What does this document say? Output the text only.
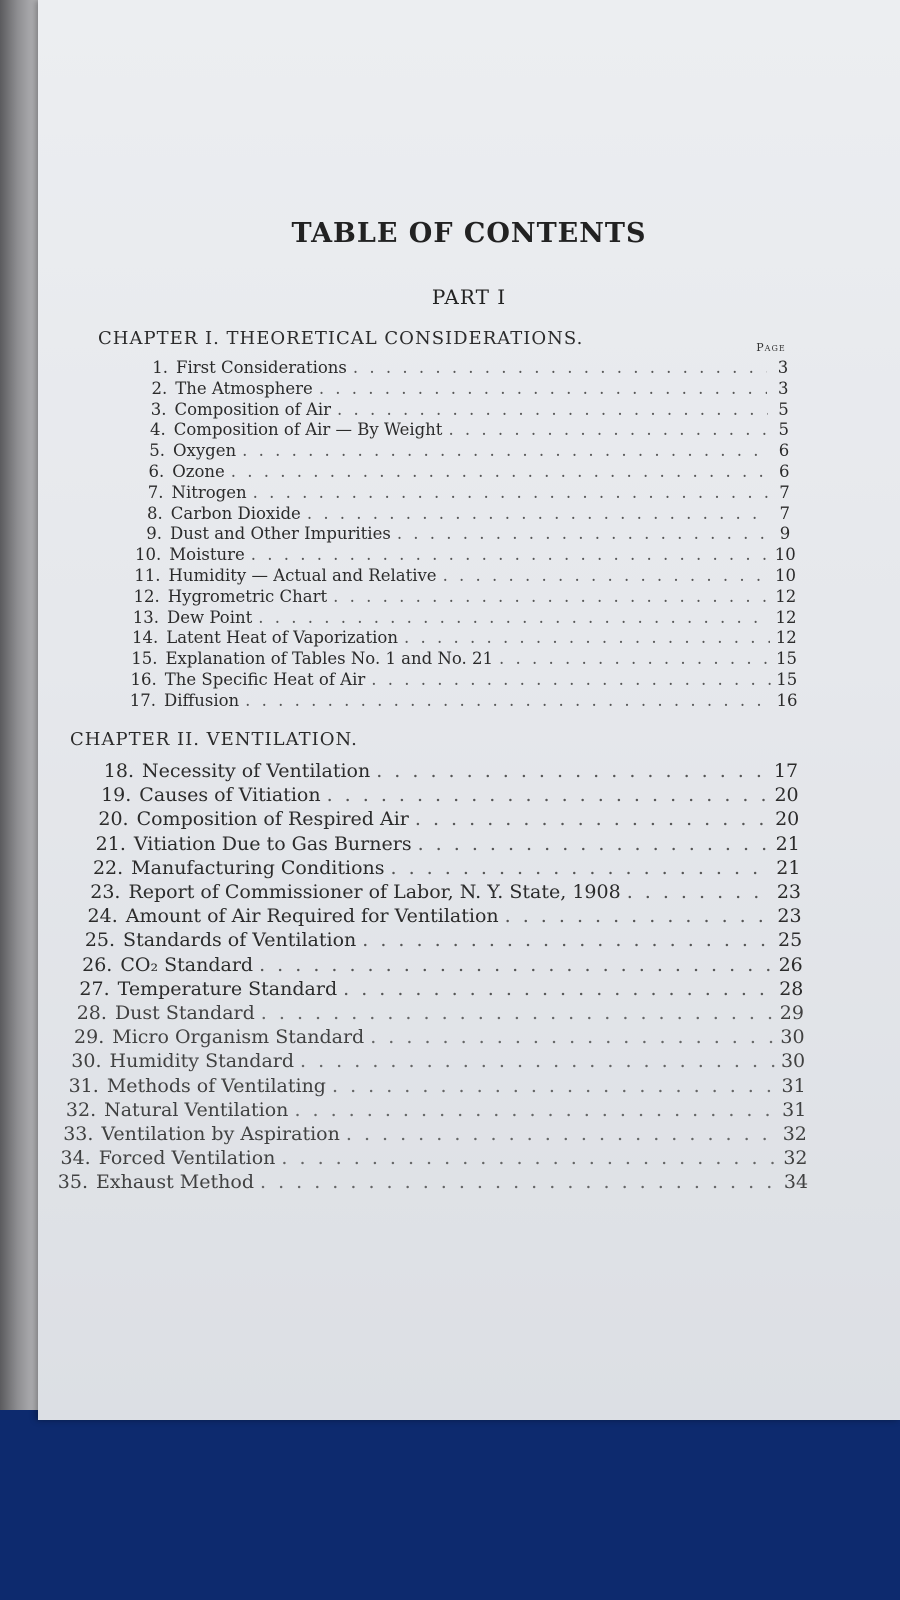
TABLE OF CONTENTS
PART I
Page
CHAPTER I. THEORETICAL CONSIDERATIONS.
1. First Considerations . . .	3
2. The Atmosphere . . .	3
3. Composition of Air . . .	5
4. Composition of Air — By Weight . . .	5
5. Oxygen . . .	6
6. Ozone . . .	6
7. Nitrogen . . .	7
8. Carbon Dioxide . . .	7
9. Dust and Other Impurities . . .	9
10. Moisture . . .	10
11. Humidity — Actual and Relative . . .	10
12. Hygrometric Chart . . .	12
13. Dew Point . . .	12
14. Latent Heat of Vaporization . . .	12
15. Explanation of Tables No. 1 and No. 21 . . .	15
16. The Specific Heat of Air . . .	15
17. Diffusion . . .	16
CHAPTER II. VENTILATION.
18. Necessity of Ventilation . . .	17
19. Causes of Vitiation . . .	20
20. Composition of Respired Air . . .	20
21. Vitiation Due to Gas Burners . . .	21
22. Manufacturing Conditions . . .	21
23. Report of Commissioner of Labor, N. Y. State, 1908 . . .	23
24. Amount of Air Required for Ventilation . . .	23
25. Standards of Ventilation . . .	25
26. CO₂ Standard . . .	26
27. Temperature Standard . . .	28
28. Dust Standard . . .	29
29. Micro Organism Standard . . .	30
30. Humidity Standard . . .	30
31. Methods of Ventilating . . .	31
32. Natural Ventilation . . .	31
33. Ventilation by Aspiration . . .	32
34. Forced Ventilation . . .	32
35. Exhaust Method . . .	34
